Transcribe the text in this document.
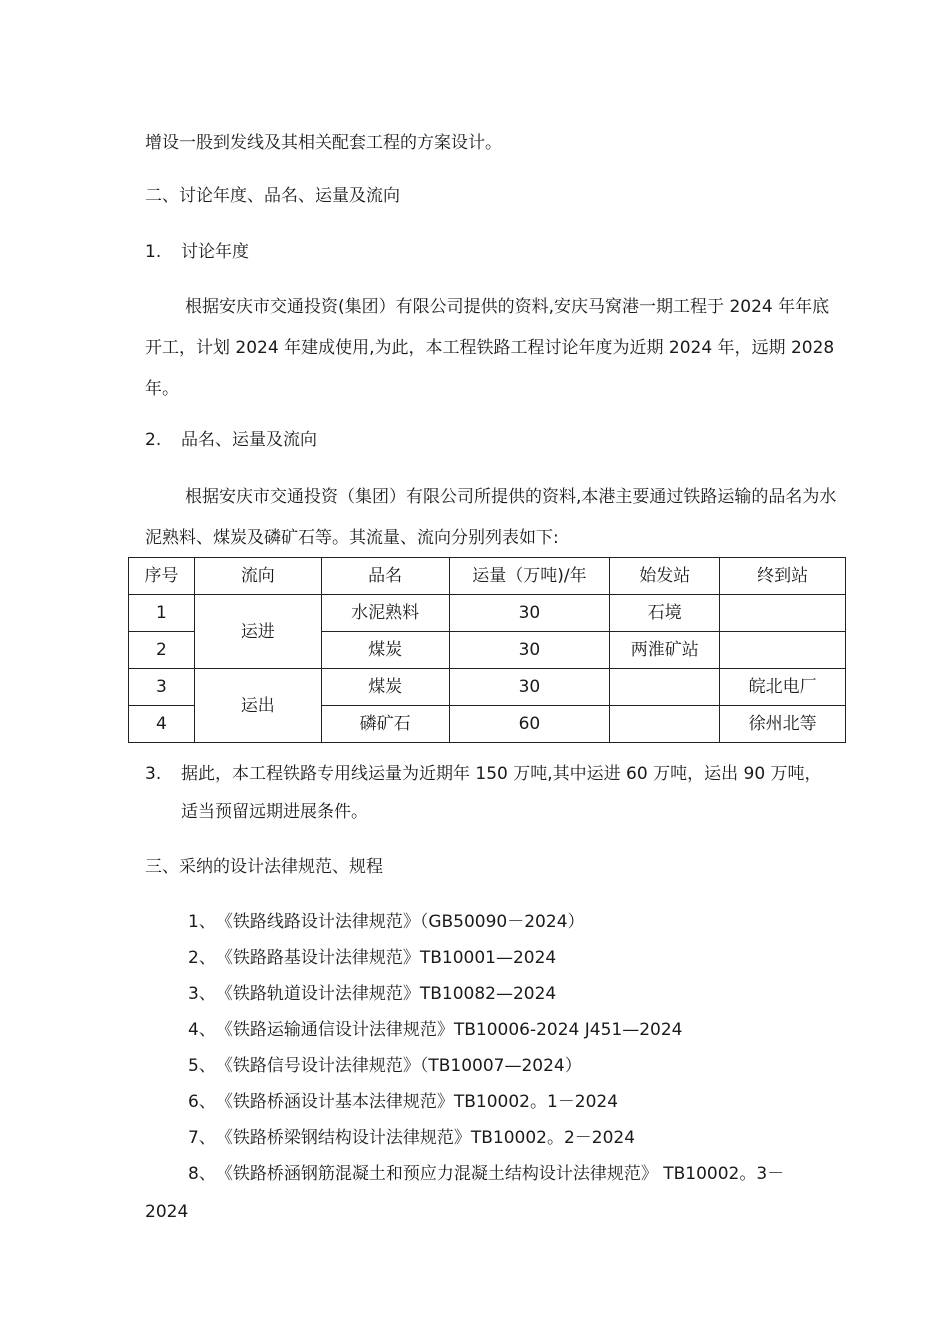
增设一股到发线及其相关配套工程的方案设计。
二、讨论年度、品名、运量及流向
1. 讨论年度
根据安庆市交通投资(集团）有限公司提供的资料,安庆马窝港一期工程于 2024 年年底开工，计划 2024 年建成使用,为此，本工程铁路工程讨论年度为近期 2024 年，远期 2028 年。
2. 品名、运量及流向
根据安庆市交通投资（集团）有限公司所提供的资料,本港主要通过铁路运输的品名为水泥熟料、煤炭及磷矿石等。其流量、流向分别列表如下:
序号	流向	品名	运量（万吨)/年	始发站	终到站
1	运进	水泥熟料	30	石境	
2		煤炭	30	两淮矿站	
3	运出	煤炭	30		皖北电厂
4		磷矿石	60		徐州北等
3.	据此，本工程铁路专用线运量为近期年 150 万吨,其中运进 60 万吨，运出 90 万吨，适当预留远期进展条件。
三、采纳的设计法律规范、规程
1、《铁路线路设计法律规范》（GB50090－2024）
2、《铁路路基设计法律规范》TB10001—2024
3、《铁路轨道设计法律规范》TB10082—2024
4、《铁路运输通信设计法律规范》TB10006-2024 J451—2024
5、《铁路信号设计法律规范》（TB10007—2024）
6、《铁路桥涵设计基本法律规范》TB10002。1－2024
7、《铁路桥梁钢结构设计法律规范》TB10002。2－2024
8、《铁路桥涵钢筋混凝土和预应力混凝土结构设计法律规范》 TB10002。3－
2024
